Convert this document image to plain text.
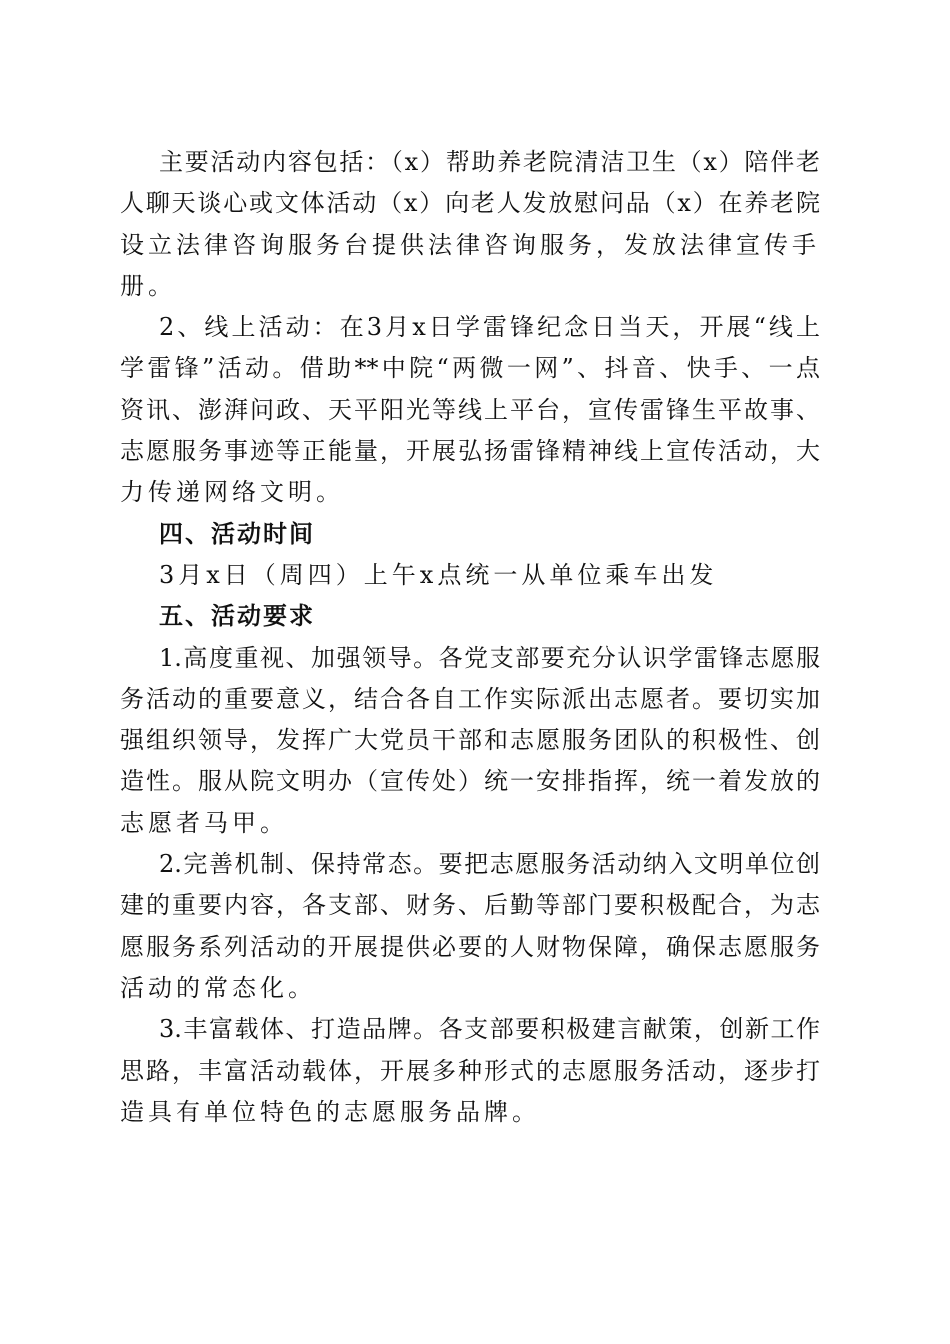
主要活动内容包括：（x）帮助养老院清洁卫生（x）陪伴老
人聊天谈心或文体活动（x）向老人发放慰问品（x）在养老院
设立法律咨询服务台提供法律咨询服务，发放法律宣传手册。
2、线上活动：在3月x日学雷锋纪念日当天，开展“线上
学雷锋”活动。借助**中院“两微一网”、抖音、快手、一点
资讯、澎湃问政、天平阳光等线上平台，宣传雷锋生平故事、
志愿服务事迹等正能量，开展弘扬雷锋精神线上宣传活动，大
力传递网络文明。
四、活动时间
3月x日（周四）上午x点统一从单位乘车出发
五、活动要求
1.高度重视、加强领导。各党支部要充分认识学雷锋志愿服
务活动的重要意义，结合各自工作实际派出志愿者。要切实加
强组织领导，发挥广大党员干部和志愿服务团队的积极性、创
造性。服从院文明办（宣传处）统一安排指挥，统一着发放的
志愿者马甲。
2.完善机制、保持常态。要把志愿服务活动纳入文明单位创
建的重要内容，各支部、财务、后勤等部门要积极配合，为志
愿服务系列活动的开展提供必要的人财物保障，确保志愿服务
活动的常态化。
3.丰富载体、打造品牌。各支部要积极建言献策，创新工作
思路，丰富活动载体，开展多种形式的志愿服务活动，逐步打
造具有单位特色的志愿服务品牌。
